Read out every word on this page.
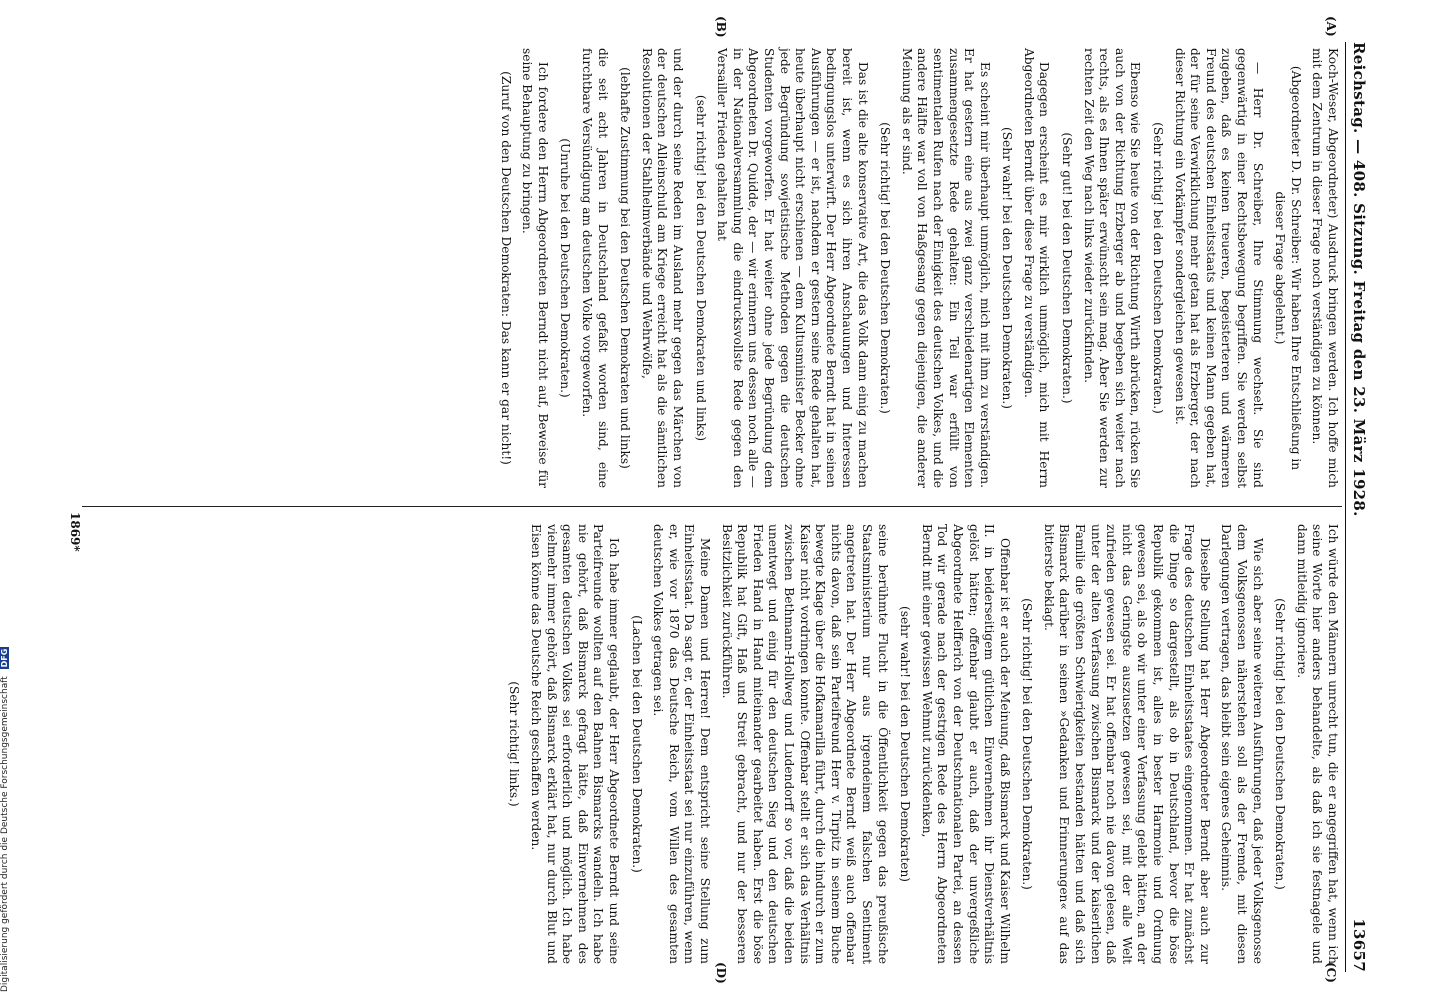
Reichstag. — 408. Sitzung. Freitag den 23. März 1928.
13657
(A)
(B)
(C)
(D)

Koch-Weser, Abgeordneter) Ausdruck bringen werden. Ich hoffe mich mit dem Zentrum in dieser Frage noch verständigen zu können.

(Abgeordneter D. Dr. Schreiber: Wir haben Ihre Entschließung in dieser Frage abgelehnt.)

— Herr Dr. Schreiber, Ihre Stimmung wechselt. Sie sind gegenwärtig in einer Rechtsbewegung begriffen. Sie werden selbst zugeben, daß es keinen treueren, begeisterteren und wärmeren Freund des deutschen Einheitsstaats und keinen Mann gegeben hat, der für seine Verwirklichung mehr getan hat als Erzberger, der nach dieser Richtung ein Vorkämpfer sondergleichen gewesen ist.

(Sehr richtig! bei den Deutschen Demokraten.)

Ebenso wie Sie heute von der Richtung Wirth abrücken, rücken Sie auch von der Richtung Erzberger ab und begeben sich weiter nach rechts, als es Ihnen später erwünscht sein mag. Aber Sie werden zur rechten Zeit den Weg nach links wieder zurückfinden.

(Sehr gut! bei den Deutschen Demokraten.)

Dagegen erscheint es mir wirklich unmöglich, mich mit Herrn Abgeordneten Berndt über diese Frage zu verständigen.

(Sehr wahr! bei den Deutschen Demokraten.)

Es scheint mir überhaupt unmöglich, mich mit ihm zu verständigen. Er hat gestern eine aus zwei ganz verschiedenartigen Elementen zusammengesetzte Rede gehalten: Ein Teil war erfüllt von sentimentalen Rufen nach der Einigkeit des deutschen Volkes, und die andere Hälfte war voll von Haßgesang gegen diejenigen, die anderer Meinung als er sind.

(Sehr richtig! bei den Deutschen Demokraten.)

Das ist die alte konservative Art, die das Volk dann einig zu machen bereit ist, wenn es sich ihren Anschauungen und Interessen bedingungslos unterwirft. Der Herr Abgeordnete Berndt hat in seinen Ausführungen — er ist, nachdem er gestern seine Rede gehalten hat, heute überhaupt nicht erschienen — dem Kultusminister Becker ohne jede Begründung sowjetistische Methoden gegen die deutschen Studenten vorgeworfen. Er hat weiter ohne jede Begründung dem Abgeordneten Dr. Quidde, der — wir erinnern uns dessen noch alle — in der Nationalversammlung die eindrucksvollste Rede gegen den Versailler Frieden gehalten hat

(sehr richtig! bei den Deutschen Demokraten und links)

und der durch seine Reden im Ausland mehr gegen das Märchen von der deutschen Alleinschuld am Kriege erreicht hat als die sämtlichen Resolutionen der Stahlhelmverbände und Wehrwölfe,

(lebhafte Zustimmung bei den Deutschen Demokraten und links)

die seit acht Jahren in Deutschland gefaßt worden sind, eine furchtbare Versündigung am deutschen Volke vorgeworfen.

(Unruhe bei den Deutschen Demokraten.)

Ich fordere den Herrn Abgeordneten Berndt nicht auf, Beweise für seine Behauptung zu bringen.

(Zuruf von den Deutschen Demokraten: Das kann er gar nicht!)

Ich würde den Männern unrecht tun, die er angegriffen hat, wenn ich seine Worte hier anders behandelte, als daß ich sie festnagele und dann mitleidig ignoriere.

(Sehr richtig! bei den Deutschen Demokraten.)

Wie sich aber seine weiteren Ausführungen, daß jeder Volksgenosse dem Volksgenossen näherstehen soll als der Fremde, mit diesen Darlegungen vertragen, das bleibt sein eigenes Geheimnis.

Dieselbe Stellung hat Herr Abgeordneter Berndt aber auch zur Frage des deutschen Einheitsstaates eingenommen. Er hat zunächst die Dinge so dargestellt, als ob in Deutschland, bevor die böse Republik gekommen ist, alles in bester Harmonie und Ordnung gewesen sei, als ob wir unter einer Verfassung gelebt hätten, an der nicht das Geringste auszusetzen gewesen sei, mit der alle Welt zufrieden gewesen sei. Er hat offenbar noch nie davon gelesen, daß unter der alten Verfassung zwischen Bismarck und der kaiserlichen Familie die größten Schwierigkeiten bestanden hätten und daß sich Bismarck darüber in seinen »Gedanken und Erinnerungen« auf das bitterste beklagt.

(Sehr richtig! bei den Deutschen Demokraten.)

Offenbar ist er auch der Meinung, daß Bismarck und Kaiser Wilhelm II. in beiderseitigem gütlichen Einvernehmen ihr Dienstverhältnis gelöst hätten; offenbar glaubt er auch, daß der unvergeßliche Abgeordnete Helfferich von der Deutschnationalen Partei, an dessen Tod wir gerade nach der gestrigen Rede des Herrn Abgeordneten Berndt mit einer gewissen Wehmut zurückdenken,

(sehr wahr! bei den Deutschen Demokraten)

seine berühmte Flucht in die Öffentlichkeit gegen das preußische Staatsministerium nur aus irgendeinem falschen Sentiment angetreten hat. Der Herr Abgeordnete Berndt weiß auch offenbar nichts davon, daß sein Parteifreund Herr v. Tirpitz in seinem Buche bewegte Klage über die Hofkamarilla führt, durch die hindurch er zum Kaiser nicht vordringen konnte. Offenbar stellt er sich das Verhältnis zwischen Bethmann-Hollweg und Ludendorff so vor, daß die beiden unentwegt und einig für den deutschen Sieg und den deutschen Frieden Hand in Hand miteinander gearbeitet haben. Erst die böse Republik hat Gift, Haß und Streit gebracht, und nur der besseren Besitzlichkeit zurückführen.

Meine Damen und Herren! Dem entspricht seine Stellung zum Einheitsstaat. Da sagt er, der Einheitsstaat sei nur einzuführen, wenn er, wie vor 1870 das Deutsche Reich, vom Willen des gesamten deutschen Volkes getragen sei.

(Lachen bei den Deutschen Demokraten.)

Ich habe immer geglaubt, der Herr Abgeordnete Berndt und seine Parteifreunde wollten auf den Bahnen Bismarcks wandeln. Ich habe nie gehört, daß Bismarck gefragt hätte, daß Einvernehmen des gesamten deutschen Volkes sei erforderlich und möglich. Ich habe vielmehr immer gehört, daß Bismarck erklärt hat, nur durch Blut und Eisen könne das Deutsche Reich geschaffen werden.

(Sehr richtig! links.)

1869*
Digitalisierung gefördert durch die Deutsche Forschungsgemeinschaft DFG
